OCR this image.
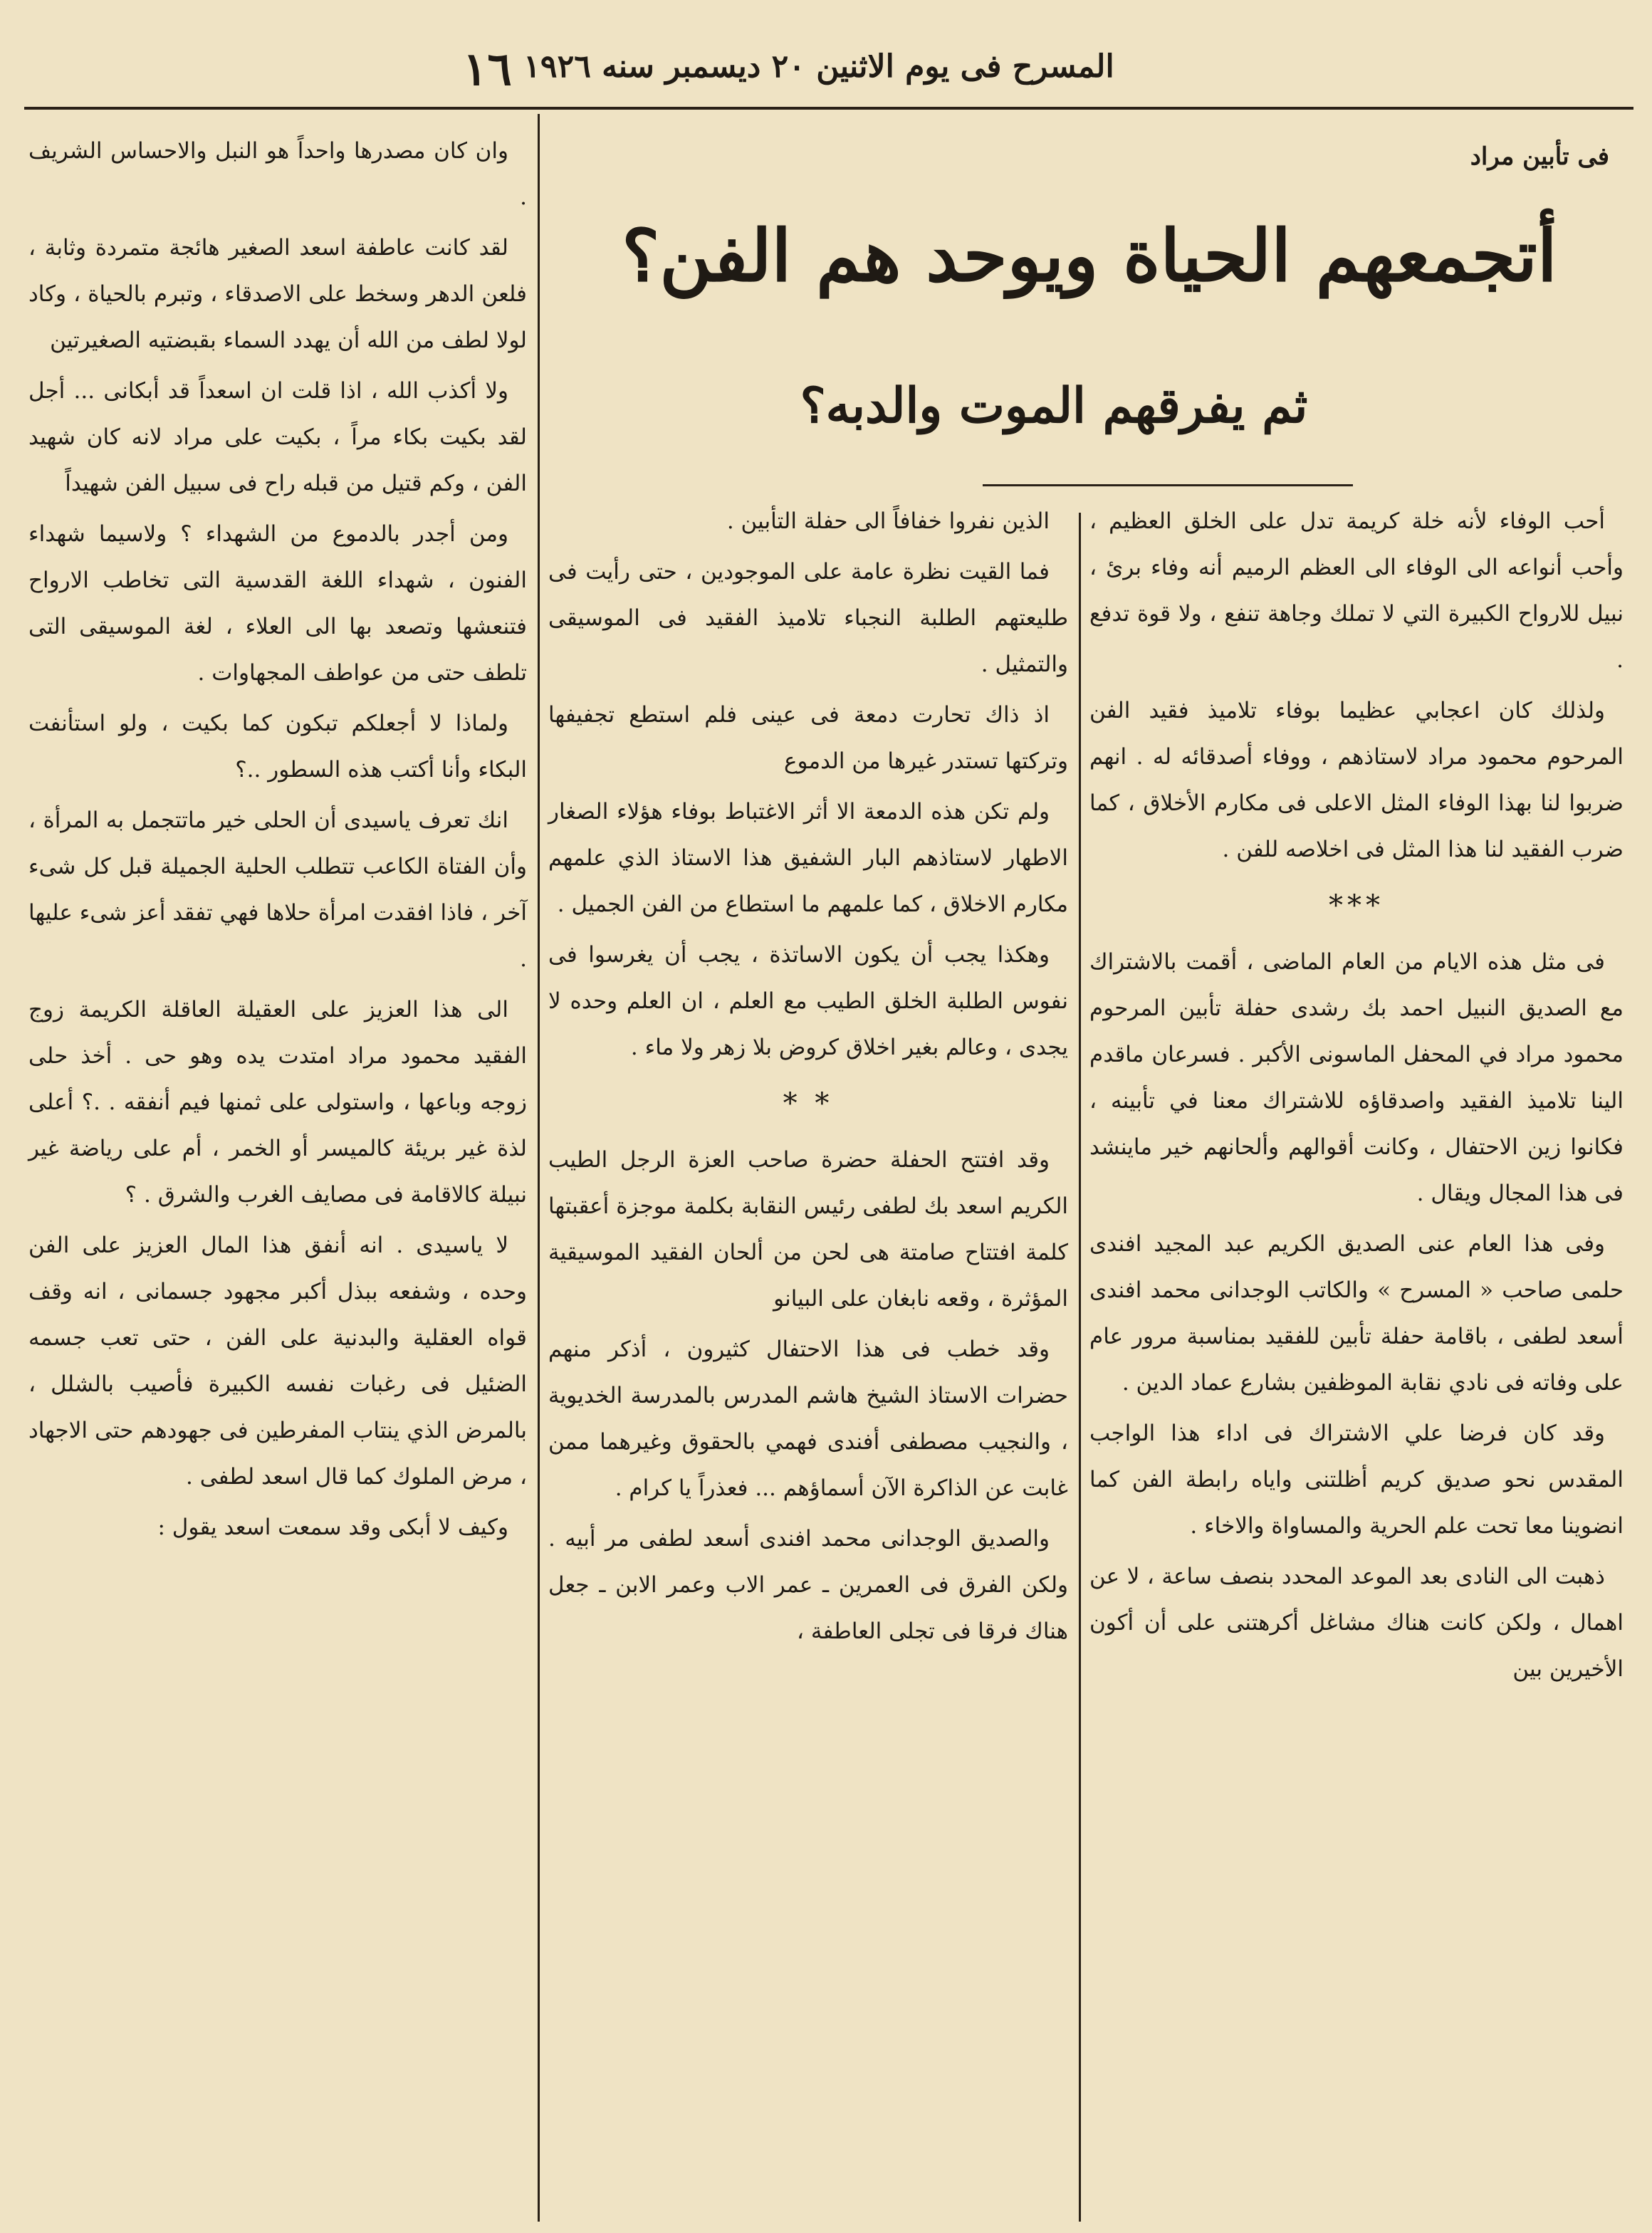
١٦ المسرح فى يوم الاثنين ٢٠ ديسمبر سنه ١٩٢٦
فى تأبين مراد
أتجمعهم الحياة ويوحد هم الفن؟
ثم يفرقهم الموت والدبه؟

أحب الوفاء لأنه خلة كريمة تدل على الخلق العظيم ، وأحب أنواعه الى الوفاء الى العظم الرميم أنه وفاء برئ ، نبيل للارواح الكبيرة التي لا تملك وجاهة تنفع ، ولا قوة تدفع .

ولذلك كان اعجابي عظيما بوفاء تلاميذ فقيد الفن المرحوم محمود مراد لاستاذهم ، ووفاء أصدقائه له . انهم ضربوا لنا بهذا الوفاء المثل الاعلى فى مكارم الأخلاق ، كما ضرب الفقيد لنا هذا المثل فى اخلاصه للفن .

***

فى مثل هذه الايام من العام الماضى ، أقمت بالاشتراك مع الصديق النبيل احمد بك رشدى حفلة تأبين المرحوم محمود مراد في المحفل الماسونى الأكبر . فسرعان ماقدم الينا تلاميذ الفقيد واصدقاؤه للاشتراك معنا في تأبينه ، فكانوا زين الاحتفال ، وكانت أقوالهم وألحانهم خير ماينشد فى هذا المجال ويقال .

وفى هذا العام عنى الصديق الكريم عبد المجيد افندى حلمى صاحب « المسرح » والكاتب الوجدانى محمد افندى أسعد لطفى ، باقامة حفلة تأبين للفقيد بمناسبة مرور عام على وفاته فى نادي نقابة الموظفين بشارع عماد الدين .

وقد كان فرضا علي الاشتراك فى اداء هذا الواجب المقدس نحو صديق كريم أظلتنى واياه رابطة الفن كما انضوينا معا تحت علم الحرية والمساواة والاخاء .

ذهبت الى النادى بعد الموعد المحدد بنصف ساعة ، لا عن اهمال ، ولكن كانت هناك مشاغل أكرهتنى على أن أكون الأخيرين بين

الذين نفروا خفافاً الى حفلة التأبين .

فما القيت نظرة عامة على الموجودين ، حتى رأيت فى طليعتهم الطلبة النجباء تلاميذ الفقيد فى الموسيقى والتمثيل .

اذ ذاك تحارت دمعة فى عينى فلم استطع تجفيفها وتركتها تستدر غيرها من الدموع

ولم تكن هذه الدمعة الا أثر الاغتباط بوفاء هؤلاء الصغار الاطهار لاستاذهم البار الشفيق هذا الاستاذ الذي علمهم مكارم الاخلاق ، كما علمهم ما استطاع من الفن الجميل .

وهكذا يجب أن يكون الاساتذة ، يجب أن يغرسوا فى نفوس الطلبة الخلق الطيب مع العلم ، ان العلم وحده لا يجدى ، وعالم بغير اخلاق كروض بلا زهر ولا ماء .

* *

وقد افتتح الحفلة حضرة صاحب العزة الرجل الطيب الكريم اسعد بك لطفى رئيس النقابة بكلمة موجزة أعقبتها كلمة افتتاح صامتة هى لحن من ألحان الفقيد الموسيقية المؤثرة ، وقعه نابغان على البيانو

وقد خطب فى هذا الاحتفال كثيرون ، أذكر منهم حضرات الاستاذ الشيخ هاشم المدرس بالمدرسة الخديوية ، والنجيب مصطفى أفندى فهمي بالحقوق وغيرهما ممن غابت عن الذاكرة الآن أسماؤهم ... فعذراً يا كرام .

والصديق الوجدانى محمد افندى أسعد لطفى مر أبيه . ولكن الفرق فى العمرين ـ عمر الاب وعمر الابن ـ جعل هناك فرقا فى تجلى العاطفة ،

وان كان مصدرها واحداً هو النبل والاحساس الشريف .

لقد كانت عاطفة اسعد الصغير هائجة متمردة وثابة ، فلعن الدهر وسخط على الاصدقاء ، وتبرم بالحياة ، وكاد لولا لطف من الله أن يهدد السماء بقبضتيه الصغيرتين

ولا أكذب الله ، اذا قلت ان اسعداً قد أبكانى ... أجل لقد بكيت بكاء مراً ، بكيت على مراد لانه كان شهيد الفن ، وكم قتيل من قبله راح فى سبيل الفن شهيداً

ومن أجدر بالدموع من الشهداء ؟ ولاسيما شهداء الفنون ، شهداء اللغة القدسية التى تخاطب الارواح فتنعشها وتصعد بها الى العلاء ، لغة الموسيقى التى تلطف حتى من عواطف المجهاوات .

ولماذا لا أجعلكم تبكون كما بكيت ، ولو استأنفت البكاء وأنا أكتب هذه السطور ..؟

انك تعرف ياسيدى أن الحلى خير ماتتجمل به المرأة ، وأن الفتاة الكاعب تتطلب الحلية الجميلة قبل كل شىء آخر ، فاذا افقدت امرأة حلاها فهي تفقد أعز شىء عليها .

الى هذا العزيز على العقيلة العاقلة الكريمة زوج الفقيد محمود مراد امتدت يده وهو حى . أخذ حلى زوجه وباعها ، واستولى على ثمنها فيم أنفقه . .؟ أعلى لذة غير بريئة كالميسر أو الخمر ، أم على رياضة غير نبيلة كالاقامة فى مصايف الغرب والشرق . ؟

لا ياسيدى . انه أنفق هذا المال العزيز على الفن وحده ، وشفعه ببذل أكبر مجهود جسمانى ، انه وقف قواه العقلية والبدنية على الفن ، حتى تعب جسمه الضئيل فى رغبات نفسه الكبيرة فأصيب بالشلل ، بالمرض الذي ينتاب المفرطين فى جهودهم حتى الاجهاد ، مرض الملوك كما قال اسعد لطفى .

وكيف لا أبكى وقد سمعت اسعد يقول :
